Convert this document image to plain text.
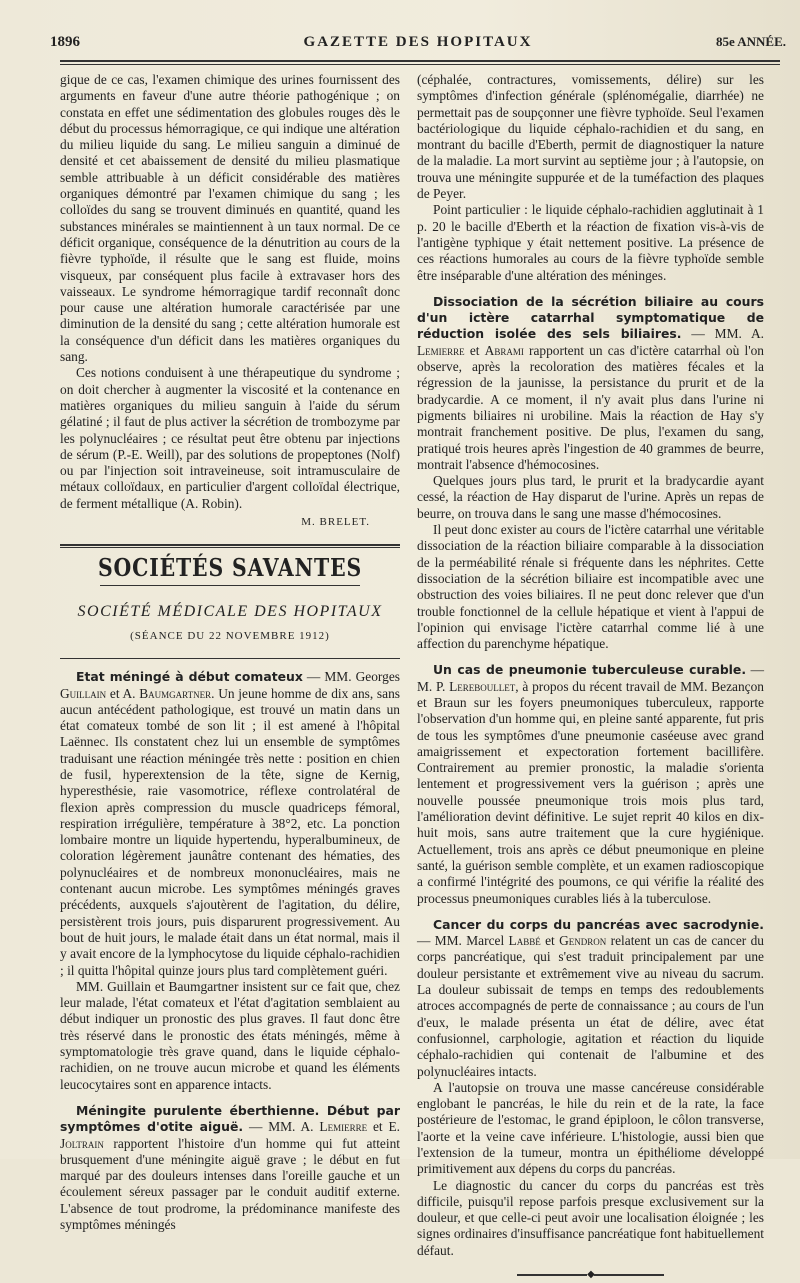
1896	GAZETTE DES HOPITAUX	85e ANNÉE.

gique de ce cas, l'examen chimique des urines fournissent des arguments en faveur d'une autre théorie pathogénique ; on constata en effet une sédimentation des globules rouges dès le début du processus hémorragique, ce qui indique une altération du milieu liquide du sang. Le milieu sanguin a diminué de densité et cet abaissement de densité du milieu plasmatique semble attribuable à un déficit considérable des matières organiques démontré par l'examen chimique du sang ; les colloïdes du sang se trouvent diminués en quantité, quand les substances minérales se maintiennent à un taux normal. De ce déficit organique, conséquence de la dénutrition au cours de la fièvre typhoïde, il résulte que le sang est fluide, moins visqueux, par conséquent plus facile à extravaser hors des vaisseaux. Le syndrome hémorragique tardif reconnaît donc pour cause une altération humorale caractérisée par une diminution de la densité du sang ; cette altération humorale est la conséquence d'un déficit dans les matières organiques du sang.

Ces notions conduisent à une thérapeutique du syndrome ; on doit chercher à augmenter la viscosité et la contenance en matières organiques du milieu sanguin à l'aide du sérum gélatiné ; il faut de plus activer la sécrétion de trombozyme par les polynucléaires ; ce résultat peut être obtenu par injections de sérum (P.-E. Weill), par des solutions de propeptones (Nolf) ou par l'injection soit intraveineuse, soit intramusculaire de métaux colloïdaux, en particulier d'argent colloïdal électrique, de ferment métallique (A. Robin).

M. BRELET.
SOCIÉTÉS SAVANTES
SOCIÉTÉ MÉDICALE DES HOPITAUX
(SÉANCE DU 22 NOVEMBRE 1912)

Etat méningé à début comateux — MM. Georges Guillain et A. Baumgartner. Un jeune homme de dix ans, sans aucun antécédent pathologique, est trouvé un matin dans un état comateux tombé de son lit ; il est amené à l'hôpital Laënnec. Ils constatent chez lui un ensemble de symptômes traduisant une réaction méningée très nette : position en chien de fusil, hyperextension de la tête, signe de Kernig, hyperesthésie, raie vasomotrice, réflexe controlatéral de flexion après compression du muscle quadriceps fémoral, respiration irrégulière, température à 38°2, etc. La ponction lombaire montre un liquide hypertendu, hyperalbumineux, de coloration légèrement jaunâtre contenant des hématies, des polynucléaires et de nombreux mononucléaires, mais ne contenant aucun microbe. Les symptômes méningés graves précédents, auxquels s'ajoutèrent de l'agitation, du délire, persistèrent trois jours, puis disparurent progressivement. Au bout de huit jours, le malade était dans un état normal, mais il y avait encore de la lymphocytose du liquide céphalo-rachidien ; il quitta l'hôpital quinze jours plus tard complètement guéri.

MM. Guillain et Baumgartner insistent sur ce fait que, chez leur malade, l'état comateux et l'état d'agitation semblaient au début indiquer un pronostic des plus graves. Il faut donc être très réservé dans le pronostic des états méningés, même à symptomatologie très grave quand, dans le liquide céphalo-rachidien, on ne trouve aucun microbe et quand les éléments leucocytaires sont en apparence intacts.

Méningite purulente éberthienne. Début par symptômes d'otite aiguë. — MM. A. Lemierre et E. Joltrain rapportent l'histoire d'un homme qui fut atteint brusquement d'une méningite aiguë grave ; le début en fut marqué par des douleurs intenses dans l'oreille gauche et un écoulement séreux passager par le conduit auditif externe. L'absence de tout prodrome, la prédominance manifeste des symptômes méningés

(céphalée, contractures, vomissements, délire) sur les symptômes d'infection générale (splénomégalie, diarrhée) ne permettait pas de soupçonner une fièvre typhoïde. Seul l'examen bactériologique du liquide céphalo-rachidien et du sang, en montrant du bacille d'Eberth, permit de diagnostiquer la nature de la maladie. La mort survint au septième jour ; à l'autopsie, on trouva une méningite suppurée et de la tuméfaction des plaques de Peyer.

Point particulier : le liquide céphalo-rachidien agglutinait à 1 p. 20 le bacille d'Eberth et la réaction de fixation vis-à-vis de l'antigène typhique y était nettement positive. La présence de ces réactions humorales au cours de la fièvre typhoïde semble être inséparable d'une altération des méninges.

Dissociation de la sécrétion biliaire au cours d'un ictère catarrhal symptomatique de réduction isolée des sels biliaires. — MM. A. Lemierre et Abrami rapportent un cas d'ictère catarrhal où l'on observe, après la recoloration des matières fécales et la régression de la jaunisse, la persistance du prurit et de la bradycardie. A ce moment, il n'y avait plus dans l'urine ni pigments biliaires ni urobiline. Mais la réaction de Hay s'y montrait franchement positive. De plus, l'examen du sang, pratiqué trois heures après l'ingestion de 40 grammes de beurre, montrait l'absence d'hémocosines.

Quelques jours plus tard, le prurit et la bradycardie ayant cessé, la réaction de Hay disparut de l'urine. Après un repas de beurre, on trouva dans le sang une masse d'hémocosines.

Il peut donc exister au cours de l'ictère catarrhal une véritable dissociation de la réaction biliaire comparable à la dissociation de la perméabilité rénale si fréquente dans les néphrites. Cette dissociation de la sécrétion biliaire est incompatible avec une obstruction des voies biliaires. Il ne peut donc relever que d'un trouble fonctionnel de la cellule hépatique et vient à l'appui de l'opinion qui envisage l'ictère catarrhal comme lié à une affection du parenchyme hépatique.

Un cas de pneumonie tuberculeuse curable. — M. P. Lereboullet, à propos du récent travail de MM. Bezançon et Braun sur les foyers pneumoniques tuberculeux, rapporte l'observation d'un homme qui, en pleine santé apparente, fut pris de tous les symptômes d'une pneumonie caséeuse avec grand amaigrissement et expectoration fortement bacillifère. Contrairement au premier pronostic, la maladie s'orienta lentement et progressivement vers la guérison ; après une nouvelle poussée pneumonique trois mois plus tard, l'amélioration devint définitive. Le sujet reprit 40 kilos en dix-huit mois, sans autre traitement que la cure hygiénique. Actuellement, trois ans après ce début pneumonique en pleine santé, la guérison semble complète, et un examen radioscopique a confirmé l'intégrité des poumons, ce qui vérifie la réalité des processus pneumoniques curables liés à la tuberculose.

Cancer du corps du pancréas avec sacrodynie. — MM. Marcel Labbé et Gendron relatent un cas de cancer du corps pancréatique, qui s'est traduit principalement par une douleur persistante et extrêmement vive au niveau du sacrum. La douleur subissait de temps en temps des redoublements atroces accompagnés de perte de connaissance ; au cours de l'un d'eux, le malade présenta un état de délire, avec état confusionnel, carphologie, agitation et réaction du liquide céphalo-rachidien qui contenait de l'albumine et des polynucléaires intacts.

A l'autopsie on trouva une masse cancéreuse considérable englobant le pancréas, le hile du rein et de la rate, la face postérieure de l'estomac, le grand épiploon, le côlon transverse, l'aorte et la veine cave inférieure. L'histologie, aussi bien que l'extension de la tumeur, montra un épithéliome développé primitivement aux dépens du corps du pancréas.

Le diagnostic du cancer du corps du pancréas est très difficile, puisqu'il repose parfois presque exclusivement sur la douleur, et que celle-ci peut avoir une localisation éloignée ; les signes ordinaires d'insuffisance pancréatique font habituellement défaut.

◆
